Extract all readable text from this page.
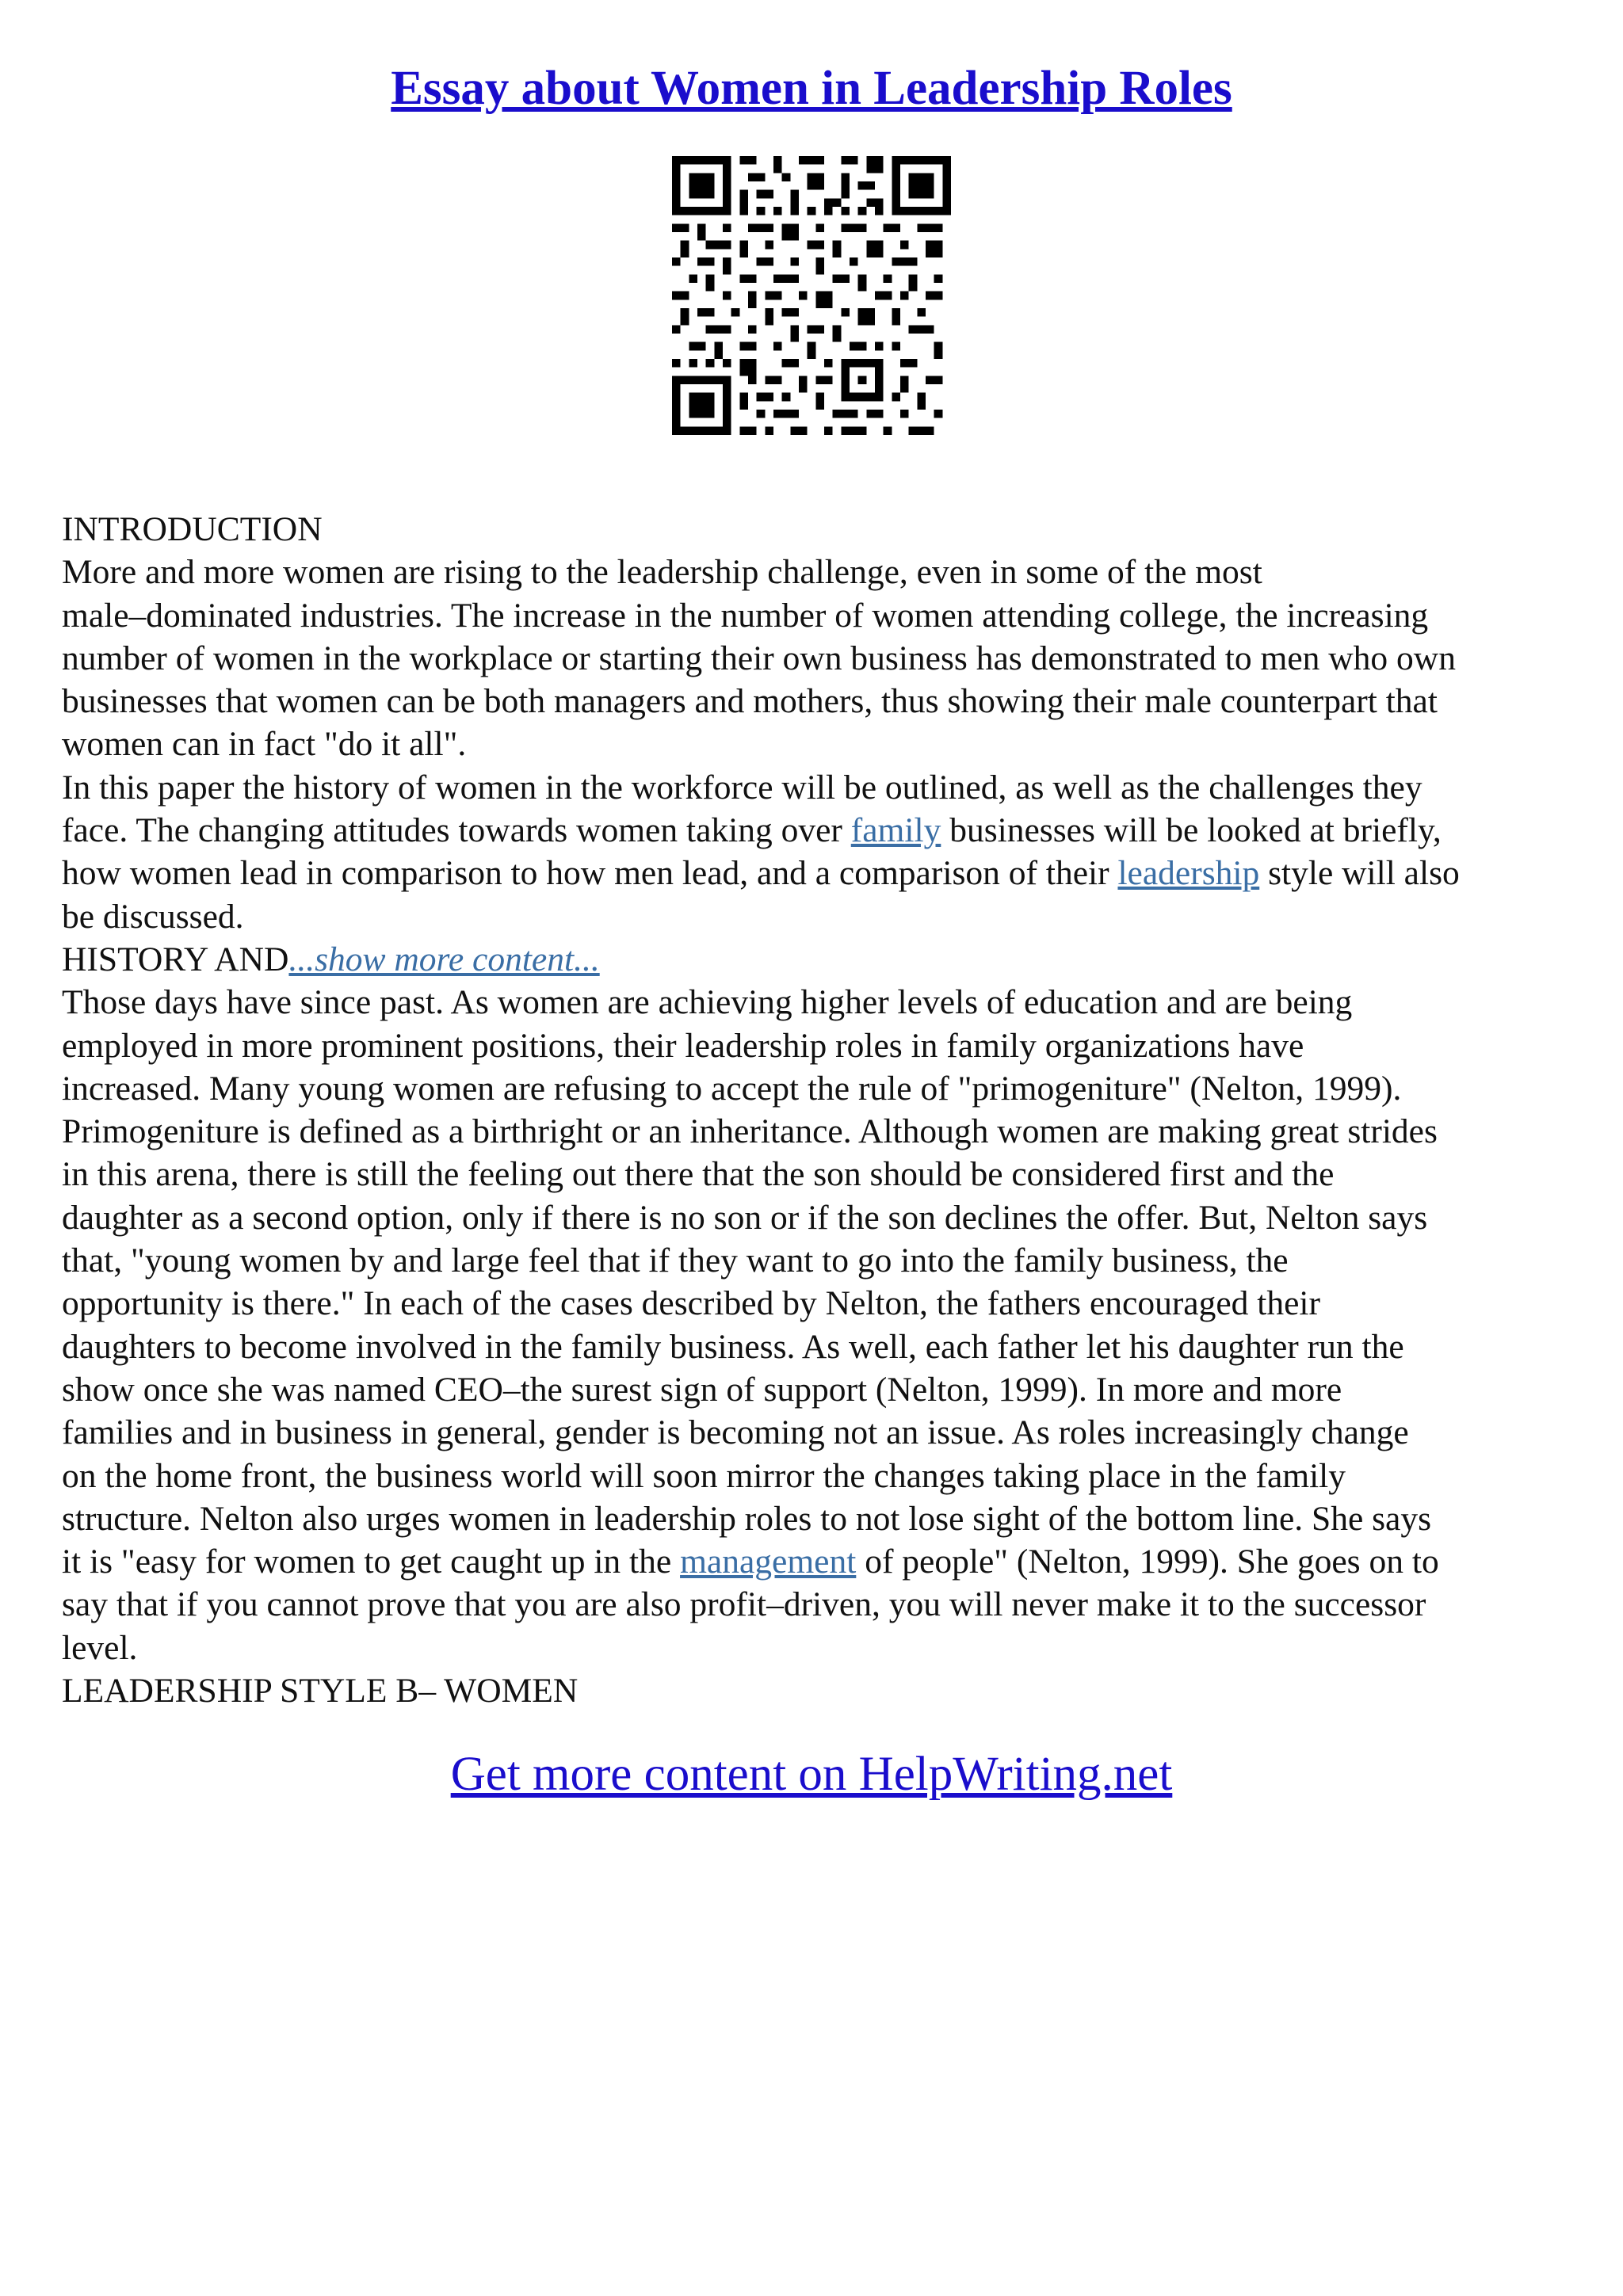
Essay about Women in Leadership Roles
INTRODUCTION
More and more women are rising to the leadership challenge, even in some of the most
male–dominated industries. The increase in the number of women attending college, the increasing
number of women in the workplace or starting their own business has demonstrated to men who own
businesses that women can be both managers and mothers, thus showing their male counterpart that
women can in fact "do it all".
In this paper the history of women in the workforce will be outlined, as well as the challenges they
face. The changing attitudes towards women taking over family businesses will be looked at briefly,
how women lead in comparison to how men lead, and a comparison of their leadership style will also
be discussed.
HISTORY AND...show more content...
Those days have since past. As women are achieving higher levels of education and are being
employed in more prominent positions, their leadership roles in family organizations have
increased. Many young women are refusing to accept the rule of "primogeniture" (Nelton, 1999).
Primogeniture is defined as a birthright or an inheritance. Although women are making great strides
in this arena, there is still the feeling out there that the son should be considered first and the
daughter as a second option, only if there is no son or if the son declines the offer. But, Nelton says
that, "young women by and large feel that if they want to go into the family business, the
opportunity is there." In each of the cases described by Nelton, the fathers encouraged their
daughters to become involved in the family business. As well, each father let his daughter run the
show once she was named CEO–the surest sign of support (Nelton, 1999). In more and more
families and in business in general, gender is becoming not an issue. As roles increasingly change
on the home front, the business world will soon mirror the changes taking place in the family
structure. Nelton also urges women in leadership roles to not lose sight of the bottom line. She says
it is "easy for women to get caught up in the management of people" (Nelton, 1999). She goes on to
say that if you cannot prove that you are also profit–driven, you will never make it to the successor
level.
LEADERSHIP STYLE B– WOMEN
Get more content on HelpWriting.net
